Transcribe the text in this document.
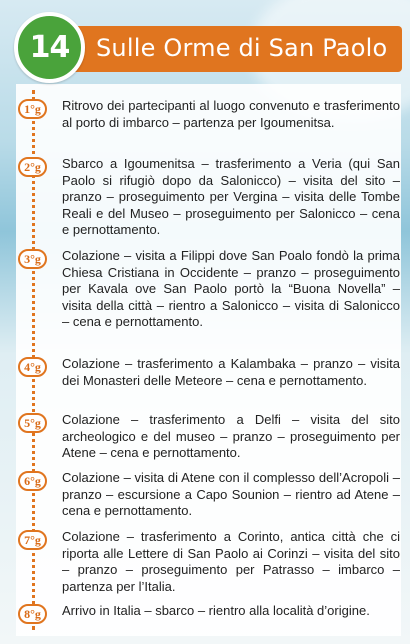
Sulle Orme di San Paolo
14
1°g	Ritrovo dei partecipanti al luogo convenuto e trasferimento al porto di imbarco – partenza per Igoumenitsa.
2°g	Sbarco a Igoumenitsa – trasferimento a Veria (qui San Paolo si rifugiò dopo da Salonicco) – visita del sito – pranzo – proseguimento per Vergina – visita delle Tombe Reali e del Museo – proseguimento per Salonicco – cena e pernottamento.
3°g	Colazione – visita a Filippi dove San Poalo fondò la prima Chiesa Cristiana in Occidente – pranzo – proseguimento per Kavala ove San Paolo portò la “Buona Novella” – visita della città – rientro a Salonicco – visita di Salonicco – cena e pernottamento.
4°g	Colazione – trasferimento a Kalambaka – pranzo – visita dei Monasteri delle Meteore – cena e pernottamento.
5°g	Colazione – trasferimento a Delfi – visita del sito archeologico e del museo – pranzo – proseguimento per Atene – cena e pernottamento.
6°g	Colazione – visita di Atene con il complesso dell’Acropoli – pranzo – escursione a Capo Sounion – rientro ad Atene – cena e pernottamento.
7°g	Colazione – trasferimento a Corinto, antica città che ci riporta alle Lettere di San Paolo ai Corinzi – visita del sito – pranzo – proseguimento per Patrasso – imbarco – partenza per l’Italia.
8°g	Arrivo in Italia – sbarco – rientro alla località d’origine.
